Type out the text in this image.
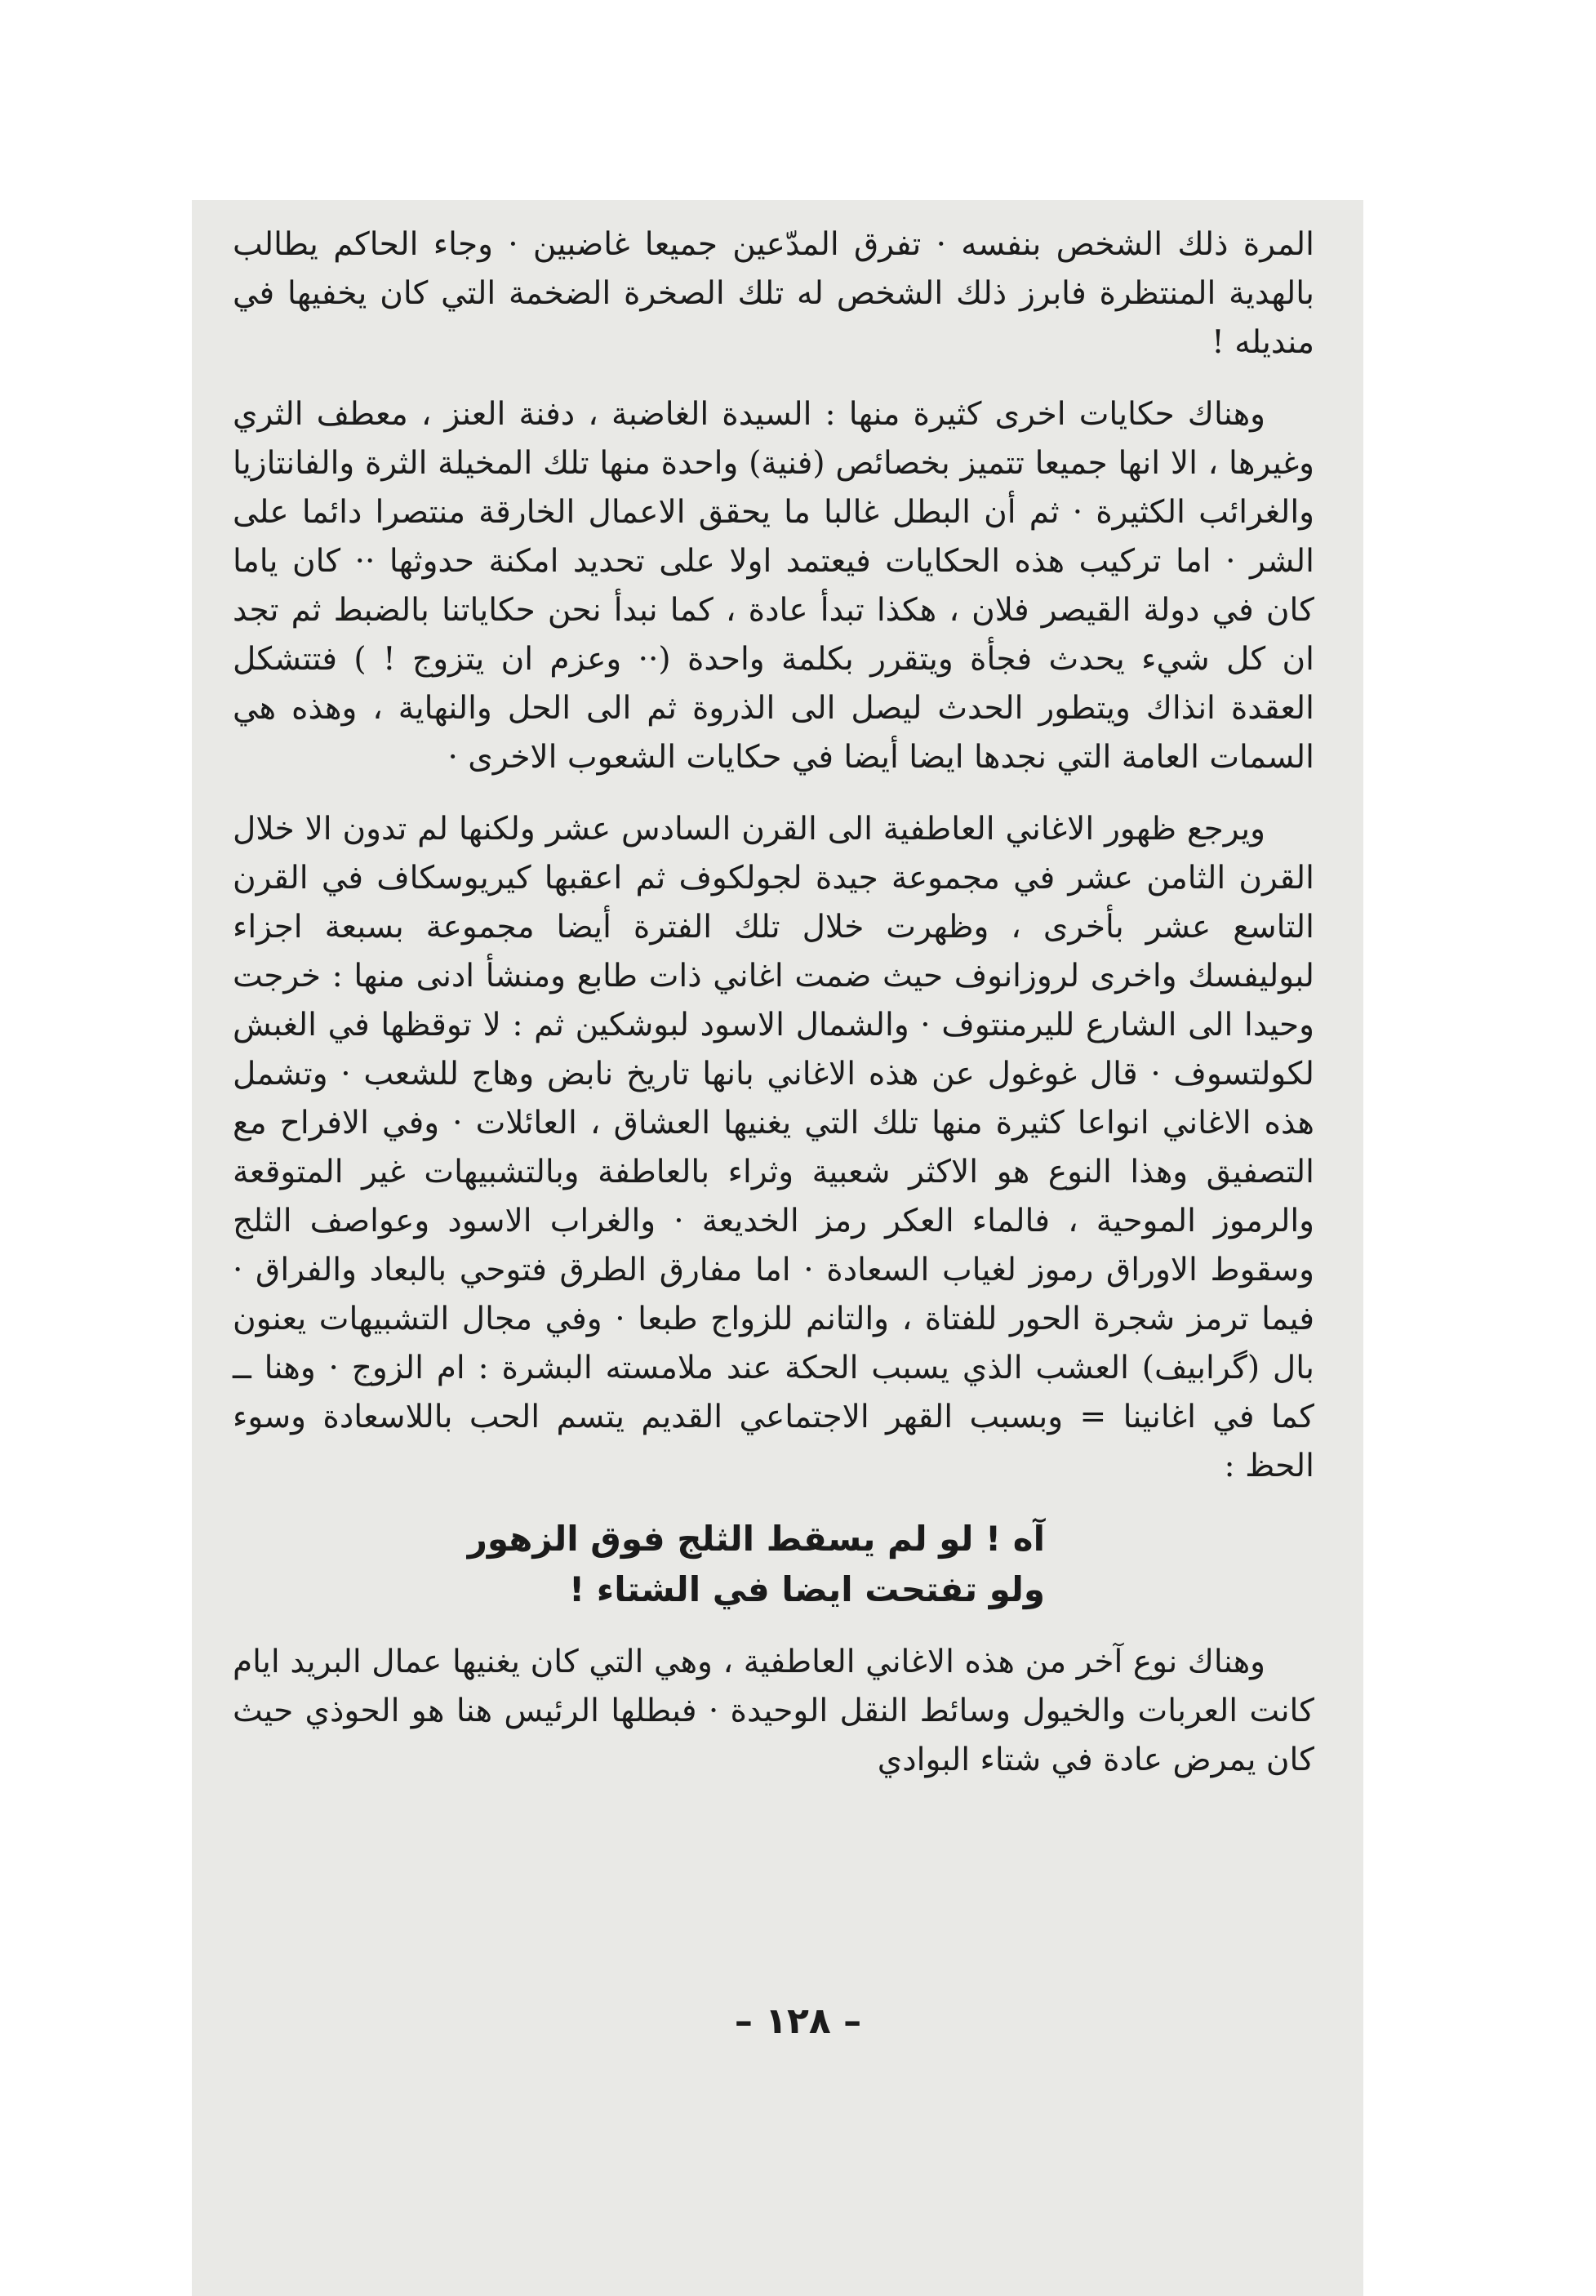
المرة ذلك الشخص بنفسه · تفرق المدّعين جميعا غاضبين · وجاء الحاكم يطالب بالهدية المنتظرة فابرز ذلك الشخص له تلك الصخرة الضخمة التي كان يخفيها في منديله !

وهناك حكايات اخرى كثيرة منها : السيدة الغاضبة ، دفنة العنز ، معطف الثري وغيرها ، الا انها جميعا تتميز بخصائص (فنية) واحدة منها تلك المخيلة الثرة والفانتازيا والغرائب الكثيرة · ثم أن البطل غالبا ما يحقق الاعمال الخارقة منتصرا دائما على الشر · اما تركيب هذه الحكايات فيعتمد اولا على تحديد امكنة حدوثها ·· كان ياما كان في دولة القيصر فلان ، هكذا تبدأ عادة ، كما نبدأ نحن حكاياتنا بالضبط ثم تجد ان كل شيء يحدث فجأة ويتقرر بكلمة واحدة (·· وعزم ان يتزوج ! ) فتتشكل العقدة انذاك ويتطور الحدث ليصل الى الذروة ثم الى الحل والنهاية ، وهذه هي السمات العامة التي نجدها ايضا أيضا في حكايات الشعوب الاخرى ·

ويرجع ظهور الاغاني العاطفية الى القرن السادس عشر ولكنها لم تدون الا خلال القرن الثامن عشر في مجموعة جيدة لجولكوف ثم اعقبها كيريوسكاف في القرن التاسع عشر بأخرى ، وظهرت خلال تلك الفترة أيضا مجموعة بسبعة اجزاء لبوليفسك واخرى لروزانوف حيث ضمت اغاني ذات طابع ومنشأ ادنى منها : خرجت وحيدا الى الشارع لليرمنتوف · والشمال الاسود لبوشكين ثم : لا توقظها في الغبش لكولتسوف · قال غوغول عن هذه الاغاني بانها تاريخ نابض وهاج للشعب · وتشمل هذه الاغاني انواعا كثيرة منها تلك التي يغنيها العشاق ، العائلات · وفي الافراح مع التصفيق وهذا النوع هو الاكثر شعبية وثراء بالعاطفة وبالتشبيهات غير المتوقعة والرموز الموحية ، فالماء العكر رمز الخديعة · والغراب الاسود وعواصف الثلج وسقوط الاوراق رموز لغياب السعادة · اما مفارق الطرق فتوحي بالبعاد والفراق · فيما ترمز شجرة الحور للفتاة ، والتانم للزواج طبعا · وفي مجال التشبيهات يعنون بال (گرابيف) العشب الذي يسبب الحكة عند ملامسته البشرة : ام الزوج · وهنا ــ كما في اغانينا = وبسبب القهر الاجتماعي القديم يتسم الحب باللاسعادة وسوء الحظ :

آه ! لو لم يسقط الثلج فوق الزهور
ولو تفتحت ايضا في الشتاء !

وهناك نوع آخر من هذه الاغاني العاطفية ، وهي التي كان يغنيها عمال البريد ايام كانت العربات والخيول وسائط النقل الوحيدة · فبطلها الرئيس هنا هو الحوذي حيث كان يمرض عادة في شتاء البوادي

– ١٢٨ –
